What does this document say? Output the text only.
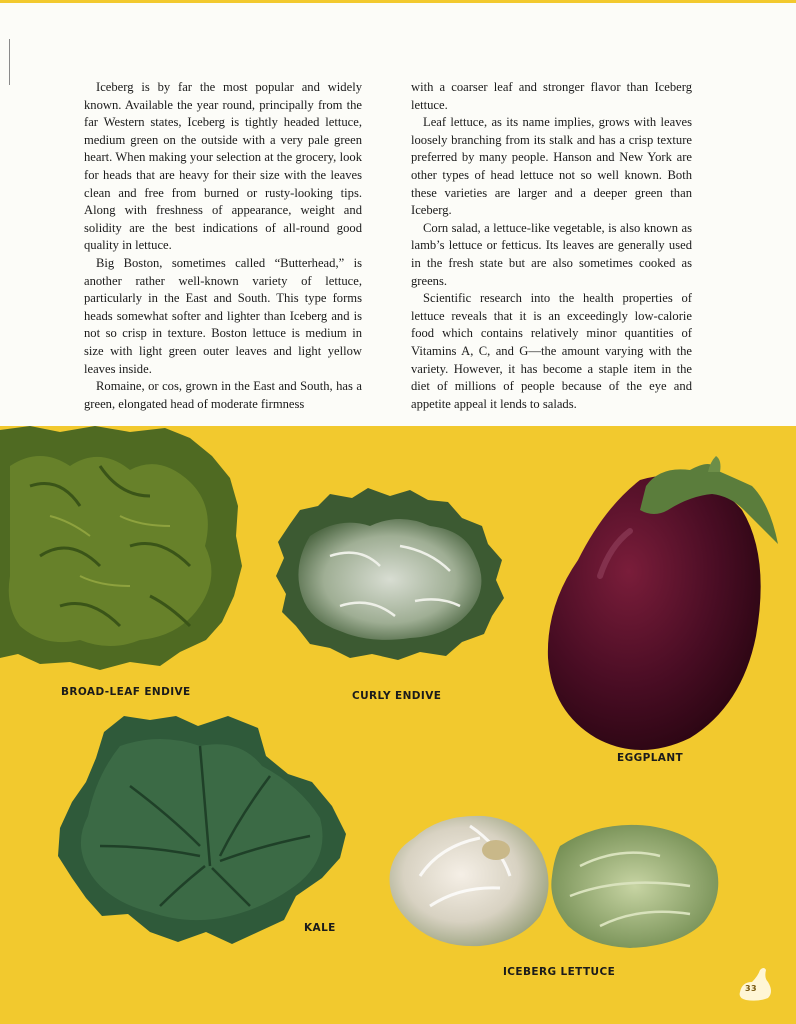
Iceberg is by far the most popular and widely known. Available the year round, principally from the far Western states, Iceberg is tightly headed lettuce, medium green on the outside with a very pale green heart. When making your selection at the grocery, look for heads that are heavy for their size with the leaves clean and free from burned or rusty-looking tips. Along with freshness of appearance, weight and solidity are the best indications of all-round good quality in lettuce.

Big Boston, sometimes called “Butterhead,” is another rather well-known variety of lettuce, particularly in the East and South. This type forms heads somewhat softer and lighter than Iceberg and is not so crisp in texture. Boston lettuce is medium in size with light green outer leaves and light yellow leaves inside.

Romaine, or cos, grown in the East and South, has a green, elongated head of moderate firmness

with a coarser leaf and stronger flavor than Iceberg lettuce.

Leaf lettuce, as its name implies, grows with leaves loosely branching from its stalk and has a crisp texture preferred by many people. Hanson and New York are other types of head lettuce not so well known. Both these varieties are larger and a deeper green than Iceberg.

Corn salad, a lettuce-like vegetable, is also known as lamb’s lettuce or fetticus. Its leaves are generally used in the fresh state but are also sometimes cooked as greens.

Scientific research into the health properties of lettuce reveals that it is an exceedingly low-calorie food which contains relatively minor quantities of Vitamins A, C, and G—the amount varying with the variety. However, it has become a staple item in the diet of millions of people because of the eye and appetite appeal it lends to salads.

BROAD-LEAF ENDIVE	CURLY ENDIVE
EGGPLANT
KALE
ICEBERG LETTUCE
33
